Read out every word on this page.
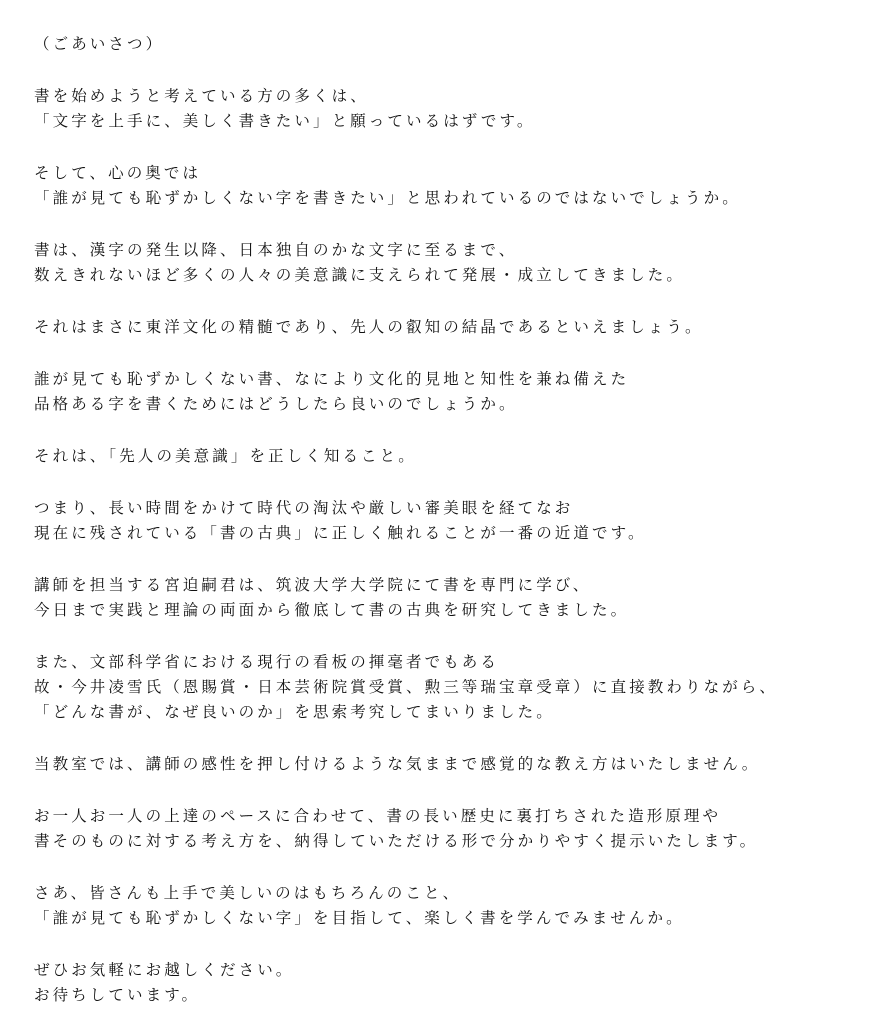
（ごあいさつ）
書を始めようと考えている方の多くは、
「文字を上手に、美しく書きたい」と願っているはずです。
そして、心の奥では
「誰が見ても恥ずかしくない字を書きたい」と思われているのではないでしょうか。
書は、漢字の発生以降、日本独自のかな文字に至るまで、
数えきれないほど多くの人々の美意識に支えられて発展・成立してきました。
それはまさに東洋文化の精髄であり、先人の叡知の結晶であるといえましょう。
誰が見ても恥ずかしくない書、なにより文化的見地と知性を兼ね備えた
品格ある字を書くためにはどうしたら良いのでしょうか。
それは、「先人の美意識」を正しく知ること。
つまり、長い時間をかけて時代の淘汰や厳しい審美眼を経てなお
現在に残されている「書の古典」に正しく触れることが一番の近道です。
講師を担当する宮迫嗣君は、筑波大学大学院にて書を専門に学び、
今日まで実践と理論の両面から徹底して書の古典を研究してきました。
また、文部科学省における現行の看板の揮毫者でもある
故・今井凌雪氏（恩賜賞・日本芸術院賞受賞、勲三等瑞宝章受章）に直接教わりながら、
「どんな書が、なぜ良いのか」を思索考究してまいりました。
当教室では、講師の感性を押し付けるような気ままで感覚的な教え方はいたしません。
お一人お一人の上達のペースに合わせて、書の長い歴史に裏打ちされた造形原理や
書そのものに対する考え方を、納得していただける形で分かりやすく提示いたします。
さあ、皆さんも上手で美しいのはもちろんのこと、
「誰が見ても恥ずかしくない字」を目指して、楽しく書を学んでみませんか。
ぜひお気軽にお越しください。
お待ちしています。
